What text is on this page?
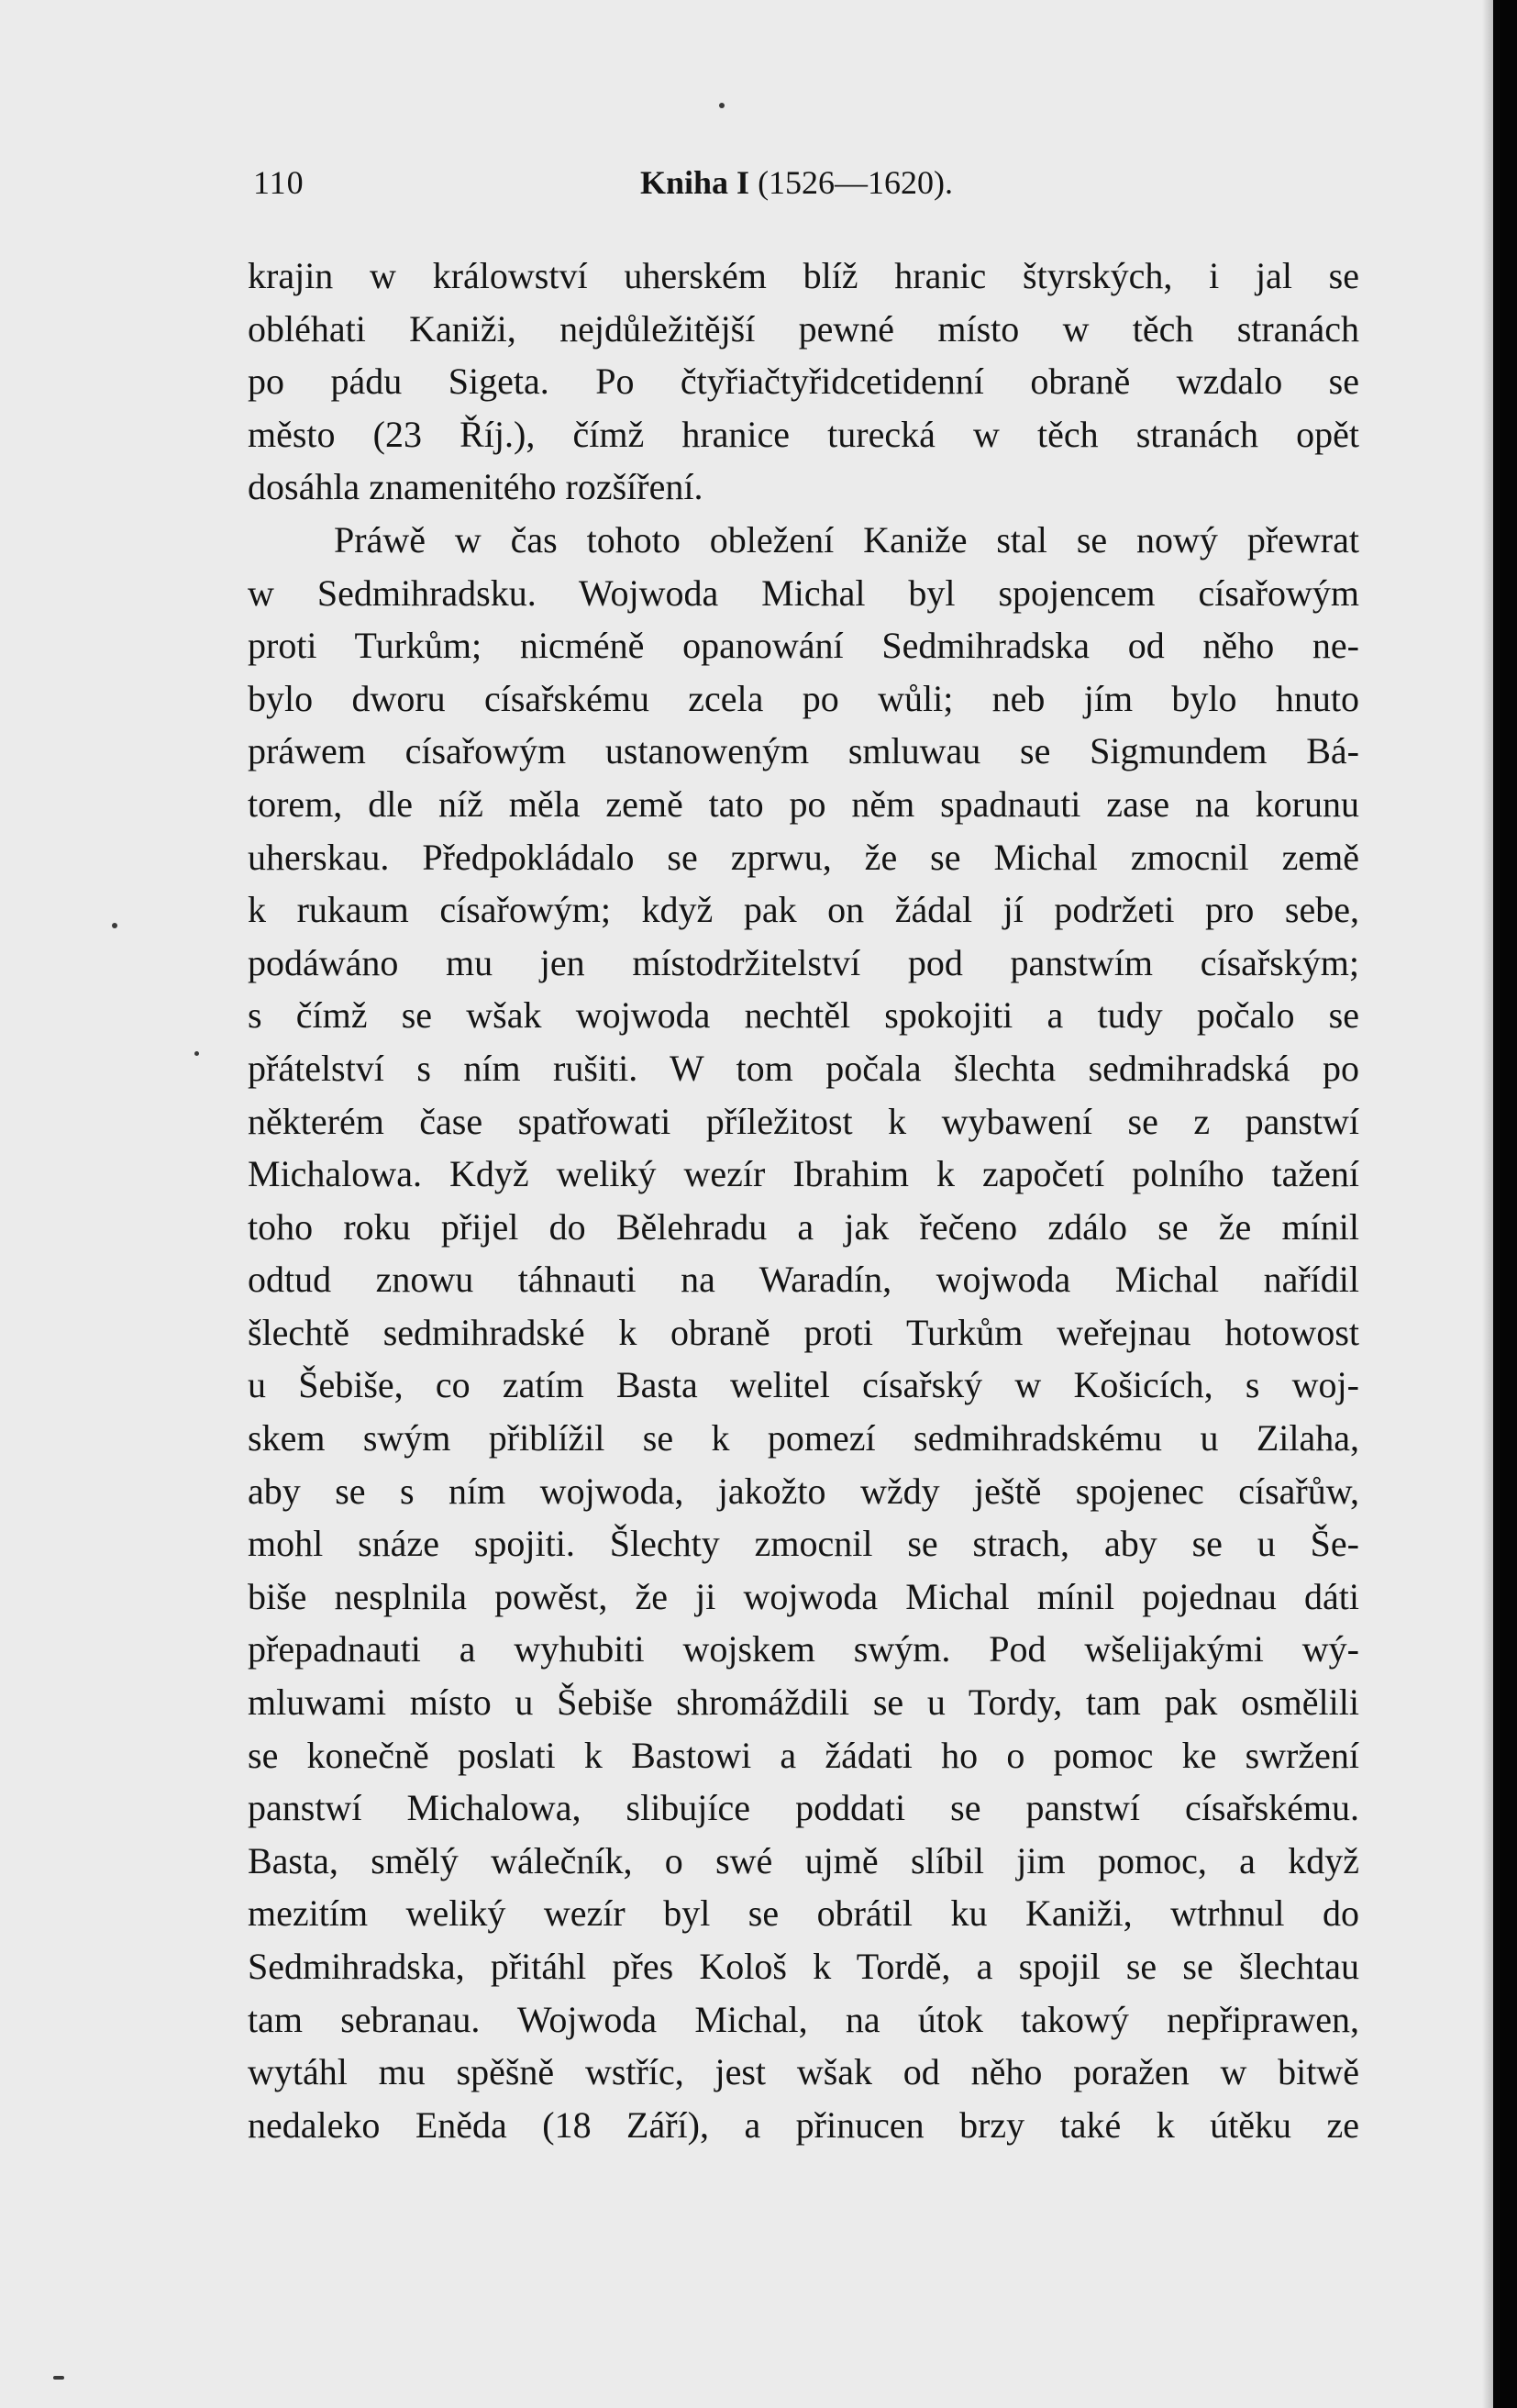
110	Kniha I (1526—1620).
krajin w králowství uherském blíž hranic štyrských, i jal se
obléhati Kaniži, nejdůležitější pewné místo w těch stranách
po pádu Sigeta. Po čtyřiačtyřidcetidenní obraně wzdalo se
město (23 Říj.), čímž hranice turecká w těch stranách opět
dosáhla znamenitého rozšíření.
Práwě w čas tohoto obležení Kaniže stal se nowý přewrat
w Sedmihradsku. Wojwoda Michal byl spojencem císařowým
proti Turkům; nicméně opanowání Sedmihradska od něho ne-
bylo dworu císařskému zcela po wůli; neb jím bylo hnuto
práwem císařowým ustanoweným smluwau se Sigmundem Bá-
torem, dle níž měla země tato po něm spadnauti zase na korunu
uherskau. Předpokládalo se zprwu, že se Michal zmocnil země
k rukaum císařowým; když pak on žádal jí podržeti pro sebe,
podáwáno mu jen místodržitelství pod panstwím císařským;
s čímž se wšak wojwoda nechtěl spokojiti a tudy počalo se
přátelství s ním rušiti. W tom počala šlechta sedmihradská po
některém čase spatřowati příležitost k wybawení se z panstwí
Michalowa. Když weliký wezír Ibrahim k započetí polního tažení
toho roku přijel do Bělehradu a jak řečeno zdálo se že mínil
odtud znowu táhnauti na Waradín, wojwoda Michal nařídil
šlechtě sedmihradské k obraně proti Turkům weřejnau hotowost
u Šebiše, co zatím Basta welitel císařský w Košicích, s woj-
skem swým přiblížil se k pomezí sedmihradskému u Zilaha,
aby se s ním wojwoda, jakožto wždy ještě spojenec císařůw,
mohl snáze spojiti. Šlechty zmocnil se strach, aby se u Še-
biše nesplnila powěst, že ji wojwoda Michal mínil pojednau dáti
přepadnauti a wyhubiti wojskem swým. Pod wšelijakými wý-
mluwami místo u Šebiše shromáždili se u Tordy, tam pak osmělili
se konečně poslati k Bastowi a žádati ho o pomoc ke swržení
panstwí Michalowa, slibujíce poddati se panstwí císařskému.
Basta, smělý wálečník, o swé ujmě slíbil jim pomoc, a když
mezitím weliký wezír byl se obrátil ku Kaniži, wtrhnul do
Sedmihradska, přitáhl přes Kološ k Tordě, a spojil se se šlechtau
tam sebranau. Wojwoda Michal, na útok takowý nepřiprawen,
wytáhl mu spěšně wstříc, jest wšak od něho poražen w bitwě
nedaleko Eněda (18 Září), a přinucen brzy také k útěku ze
